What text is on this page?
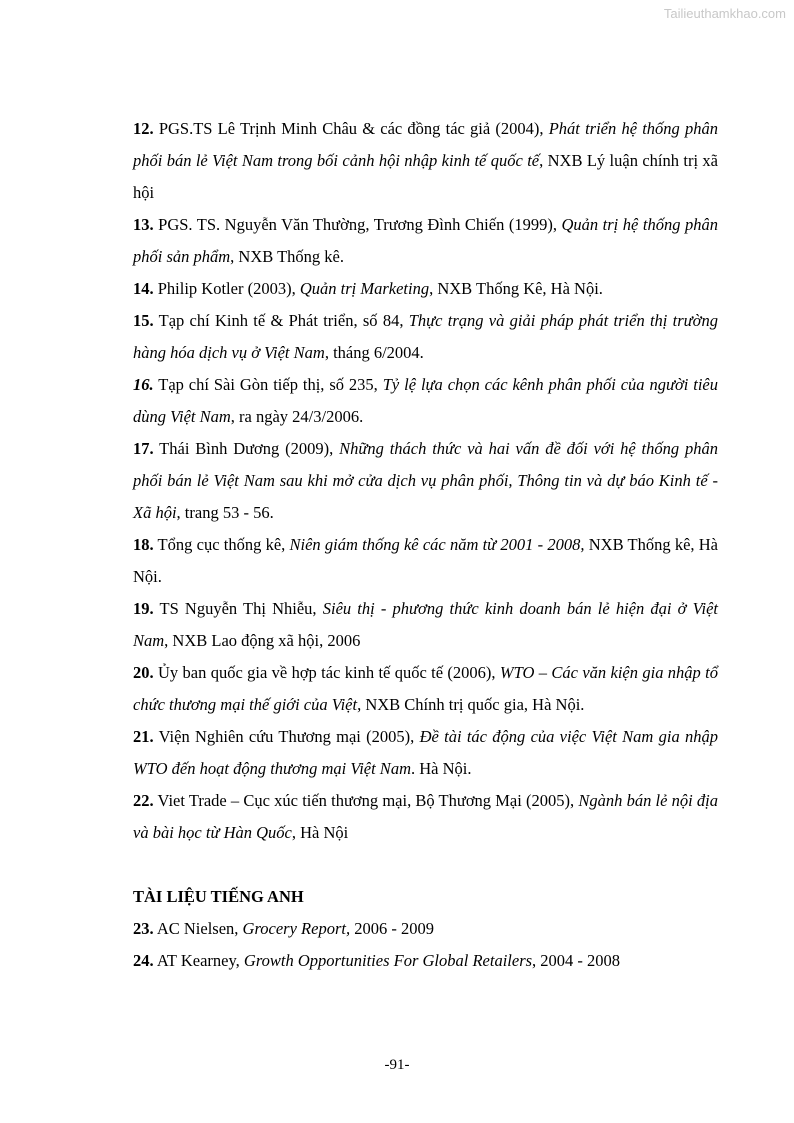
Tailieuthamkhao.com

12. PGS.TS Lê Trịnh Minh Châu & các đồng tác giả (2004), Phát triển hệ thống phân phối bán lẻ Việt Nam trong bối cảnh hội nhập kinh tế quốc tế, NXB Lý luận chính trị xã hội

13. PGS. TS. Nguyễn Văn Thường, Trương Đình Chiến (1999), Quản trị hệ thống phân phối sản phẩm, NXB Thống kê.

14. Philip Kotler (2003), Quản trị Marketing, NXB Thống Kê, Hà Nội.

15. Tạp chí Kinh tế & Phát triển, số 84, Thực trạng và giải pháp phát triển thị trường hàng hóa dịch vụ ở Việt Nam, tháng 6/2004.

16. Tạp chí Sài Gòn tiếp thị, số 235, Tỷ lệ lựa chọn các kênh phân phối của người tiêu dùng Việt Nam, ra ngày 24/3/2006.

17. Thái Bình Dương (2009), Những thách thức và hai vấn đề đối với hệ thống phân phối bán lẻ Việt Nam sau khi mở cửa dịch vụ phân phối, Thông tin và dự báo Kinh tế - Xã hội, trang 53 - 56.

18. Tổng cục thống kê, Niên giám thống kê các năm từ 2001 - 2008, NXB Thống kê, Hà Nội.

19. TS Nguyễn Thị Nhiễu, Siêu thị - phương thức kinh doanh bán lẻ hiện đại ở Việt Nam, NXB Lao động xã hội, 2006

20. Ủy ban quốc gia về hợp tác kinh tế quốc tế (2006), WTO – Các văn kiện gia nhập tổ chức thương mại thế giới của Việt, NXB Chính trị quốc gia, Hà Nội.

21. Viện Nghiên cứu Thương mại (2005), Đề tài tác động của việc Việt Nam gia nhập WTO đến hoạt động thương mại Việt Nam. Hà Nội.

22. Viet Trade – Cục xúc tiến thương mại, Bộ Thương Mại (2005), Ngành bán lẻ nội địa và bài học từ Hàn Quốc, Hà Nội

TÀI LIỆU TIẾNG ANH

23. AC Nielsen, Grocery Report, 2006 - 2009

24. AT Kearney, Growth Opportunities For Global Retailers, 2004 - 2008

-91-
